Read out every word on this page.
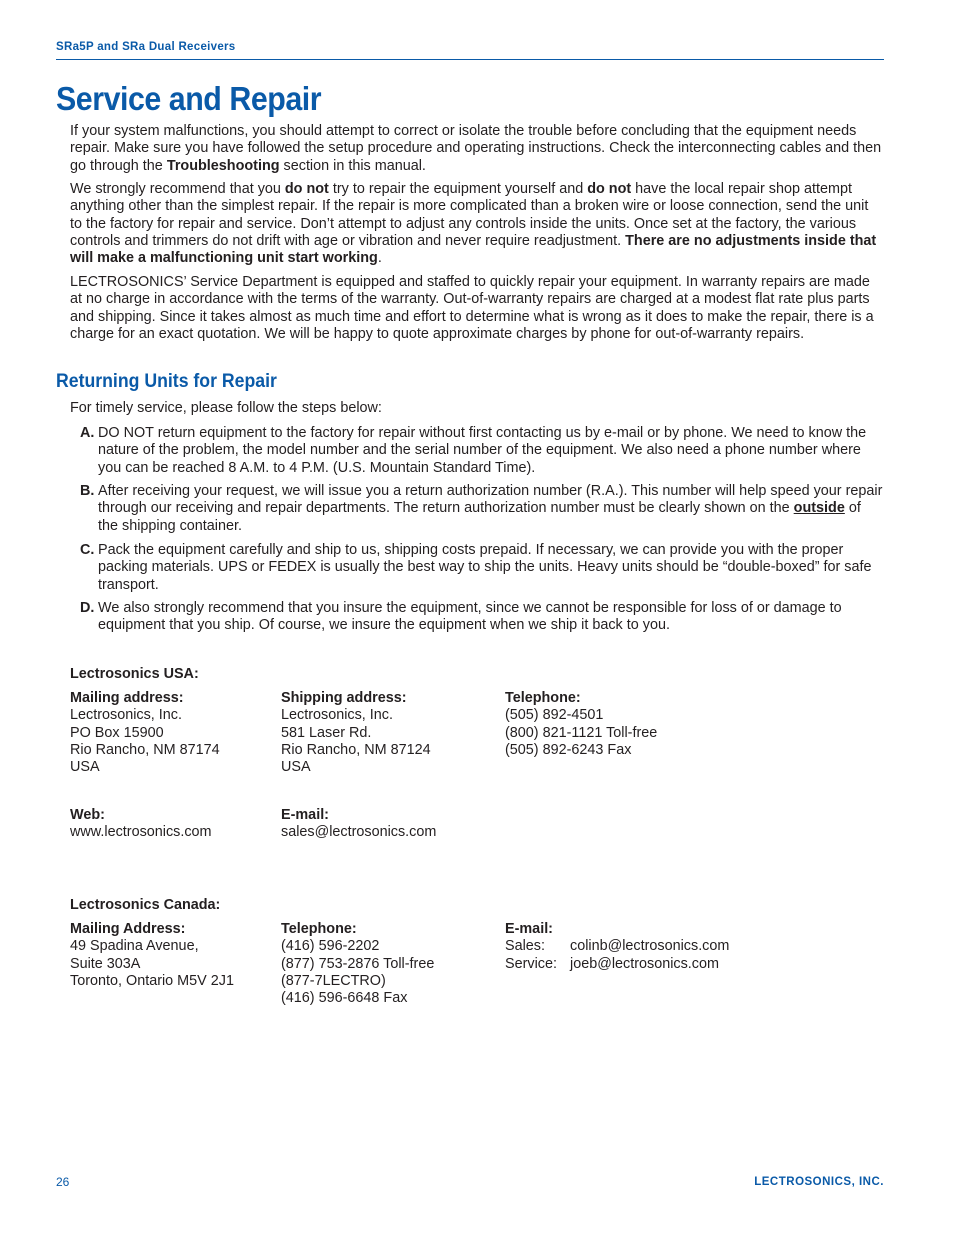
SRa5P and SRa Dual Receivers
Service and Repair

If your system malfunctions, you should attempt to correct or isolate the trouble before concluding that the equipment needs repair. Make sure you have followed the setup procedure and operating instructions. Check the interconnecting cables and then go through the Troubleshooting section in this manual.

We strongly recommend that you do not try to repair the equipment yourself and do not have the local repair shop attempt anything other than the simplest repair. If the repair is more complicated than a broken wire or loose connection, send the unit to the factory for repair and service. Don’t attempt to adjust any controls inside the units. Once set at the factory, the various controls and trimmers do not drift with age or vibration and never require readjustment. There are no adjustments inside that will make a malfunctioning unit start working.

LECTROSONICS’ Service Department is equipped and staffed to quickly repair your equipment. In warranty repairs are made at no charge in accordance with the terms of the warranty. Out-of-warranty repairs are charged at a modest flat rate plus parts and shipping. Since it takes almost as much time and effort to determine what is wrong as it does to make the repair, there is a charge for an exact quotation. We will be happy to quote approximate charges by phone for out-of-warranty repairs.

Returning Units for Repair

For timely service, please follow the steps below:

A. DO NOT return equipment to the factory for repair without first contacting us by e-mail or by phone. We need to know the nature of the problem, the model number and the serial number of the equipment. We also need a phone number where you can be reached 8 A.M. to 4 P.M. (U.S. Mountain Standard Time).
B. After receiving your request, we will issue you a return authorization number (R.A.). This number will help speed your repair through our receiving and repair departments. The return authorization number must be clearly shown on the outside of the shipping container.
C. Pack the equipment carefully and ship to us, shipping costs prepaid. If necessary, we can provide you with the proper packing materials. UPS or FEDEX is usually the best way to ship the units. Heavy units should be “double-boxed” for safe transport.
D. We also strongly recommend that you insure the equipment, since we cannot be responsible for loss of or damage to equipment that you ship. Of course, we insure the equipment when we ship it back to you.
Lectrosonics USA:
Mailing address:
Lectrosonics, Inc.
PO Box 15900
Rio Rancho, NM 87174
USA
Shipping address:
Lectrosonics, Inc.
581 Laser Rd.
Rio Rancho, NM 87124
USA
Telephone:
(505) 892-4501
(800) 821-1121 Toll-free
(505) 892-6243 Fax
Web:
www.lectrosonics.com
E-mail:
sales@lectrosonics.com
Lectrosonics Canada:
Mailing Address:
49 Spadina Avenue,
Suite 303A
Toronto, Ontario M5V 2J1
Telephone:
(416) 596-2202
(877) 753-2876 Toll-free
(877-7LECTRO)
(416) 596-6648 Fax
E-mail:
Sales: colinb@lectrosonics.com
Service: joeb@lectrosonics.com
26	LECTROSONICS, INC.
